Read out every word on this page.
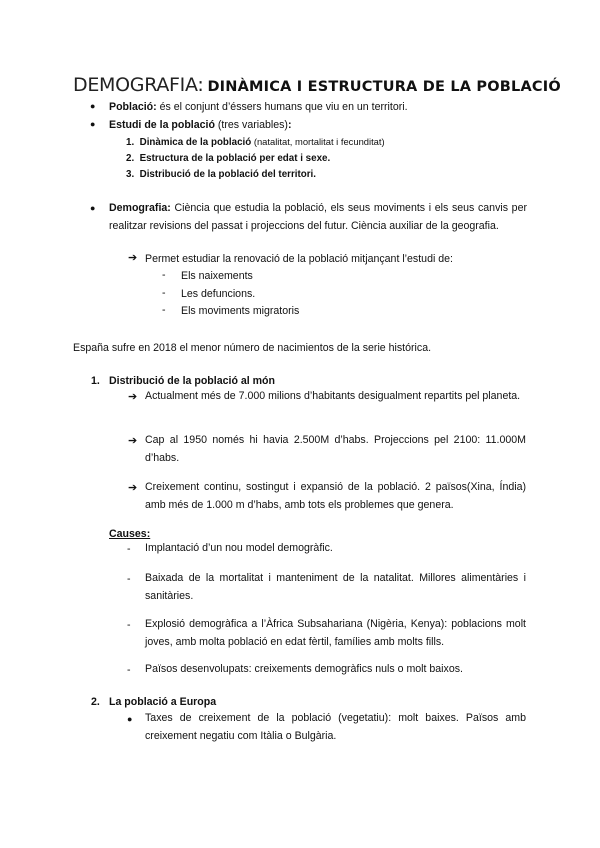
DEMOGRAFIA: DINÀMICA I ESTRUCTURA DE LA POBLACIÓ
● Població: és el conjunt d’éssers humans que viu en un territori.
● Estudi de la població (tres variables):
1. Dinàmica de la població (natalitat, mortalitat i fecunditat)
2. Estructura de la població per edat i sexe.
3. Distribució de la població del territori.
● Demografia: Ciència que estudia la població, els seus moviments i els seus canvis per realitzar revisions del passat i projeccions del futur. Ciència auxiliar de la geografia.
➔ Permet estudiar la renovació de la població mitjançant l’estudi de:
- Els naixements
- Les defuncions.
- Els moviments migratoris
España sufre en 2018 el menor número de nacimientos de la serie histórica.
1. Distribució de la població al món
➔ Actualment més de 7.000 milions d’habitants desigualment repartits pel planeta.
➔ Cap al 1950 només hi havia 2.500M d’habs. Projeccions pel 2100: 11.000M d’habs.
➔ Creixement continu, sostingut i expansió de la població. 2 països(Xina, Índia) amb més de 1.000 m d’habs, amb tots els problemes que genera.
Causes:
- Implantació d’un nou model demogràfic.
- Baixada de la mortalitat i manteniment de la natalitat. Millores alimentàries i sanitàries.
- Explosió demogràfica a l’Àfrica Subsahariana (Nigèria, Kenya): poblacions molt joves, amb molta població en edat fèrtil, famílies amb molts fills.
- Països desenvolupats: creixements demogràfics nuls o molt baixos.
2. La població a Europa
● Taxes de creixement de la població (vegetatiu): molt baixes. Països amb creixement negatiu com Itàlia o Bulgària.
